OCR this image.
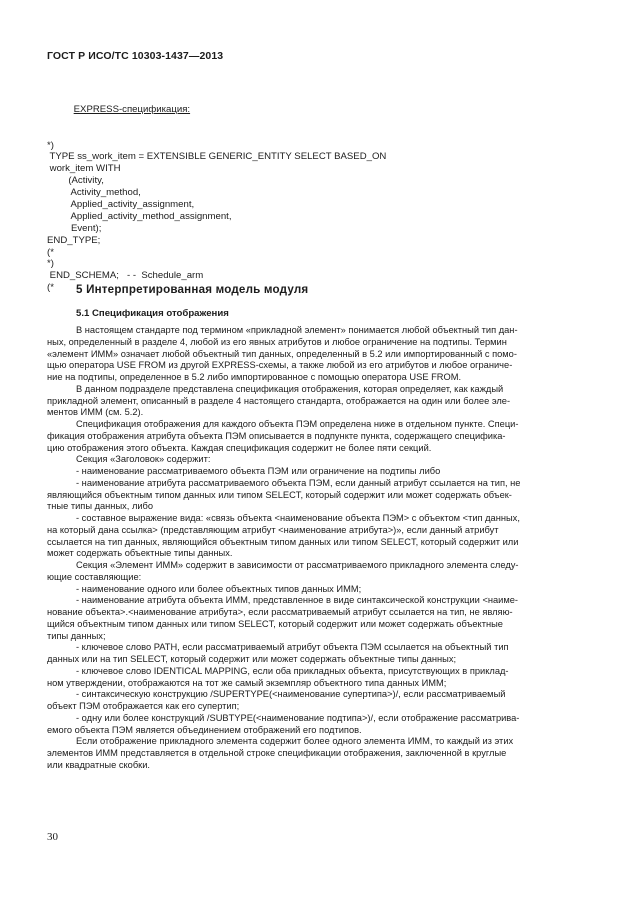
ГОСТ Р ИСО/ТС 10303-1437—2013

EXPRESS-спецификация:

*)
TYPE ss_work_item = EXTENSIBLE GENERIC_ENTITY SELECT BASED_ON
work_item WITH
(Activity,
Activity_method,
Applied_activity_assignment,
Applied_activity_method_assignment,
Event);
END_TYPE;
(*
*)
END_SCHEMA;   - -  Schedule_arm
(*

	5 Интерпретированная модель модуля
5.1 Спецификация отображения
В настоящем стандарте под термином «прикладной элемент» понимается любой объектный тип дан-
ных, определенный в разделе 4, любой из его явных атрибутов и любое ограничение на подтипы. Термин
«элемент ИММ» означает любой объектный тип данных, определенный в 5.2 или импортированный с помо-
щью оператора USE FROM из другой EXPRESS-схемы, а также любой из его атрибутов и любое ограниче-
ние на подтипы, определенное в 5.2 либо импортированное с помощью оператора USE FROM.
В данном подразделе представлена спецификация отображения, которая определяет, как каждый
прикладной элемент, описанный в разделе 4 настоящего стандарта, отображается на один или более эле-
ментов ИММ (см. 5.2).
Спецификация отображения для каждого объекта ПЭМ определена ниже в отдельном пункте. Специ-
фикация отображения атрибута объекта ПЭМ описывается в подпункте пункта, содержащего специфика-
цию отображения этого объекта. Каждая спецификация содержит не более пяти секций.
Секция «Заголовок» содержит:
- наименование рассматриваемого объекта ПЭМ или ограничение на подтипы либо
- наименование атрибута рассматриваемого объекта ПЭМ, если данный атрибут ссылается на тип, не
являющийся объектным типом данных или типом SELECT, который содержит или может содержать объек-
тные типы данных, либо
- составное выражение вида: «связь объекта <наименование объекта ПЭМ> с объектом <тип данных,
на который дана ссылка> (представляющим атрибут <наименование атрибута>)», если данный атрибут
ссылается на тип данных, являющийся объектным типом данных или типом SELECT, который содержит или
может содержать объектные типы данных.
Секция «Элемент ИММ» содержит в зависимости от рассматриваемого прикладного элемента следу-
ющие составляющие:
- наименование одного или более объектных типов данных ИММ;
- наименование атрибута объекта ИММ, представленное в виде синтаксической конструкции <наиме-
нование объекта>.<наименование атрибута>, если рассматриваемый атрибут ссылается на тип, не являю-
щийся объектным типом данных или типом SELECT, который содержит или может содержать объектные
типы данных;
- ключевое слово PATH, если рассматриваемый атрибут объекта ПЭМ ссылается на объектный тип
данных или на тип SELECT, который содержит или может содержать объектные типы данных;
- ключевое слово IDENTICAL MAPPING, если оба прикладных объекта, присутствующих в приклад-
ном утверждении, отображаются на тот же самый экземпляр объектного типа данных ИММ;
- синтаксическую конструкцию /SUPERTYPE(<наименование супертипа>)/, если рассматриваемый
объект ПЭМ отображается как его супертип;
- одну или более конструкций /SUBTYPE(<наименование подтипа>)/, если отображение рассматрива-
емого объекта ПЭМ является объединением отображений его подтипов.
Если отображение прикладного элемента содержит более одного элемента ИММ, то каждый из этих
элементов ИММ представляется в отдельной строке спецификации отображения, заключенной в круглые
или квадратные скобки.
30
